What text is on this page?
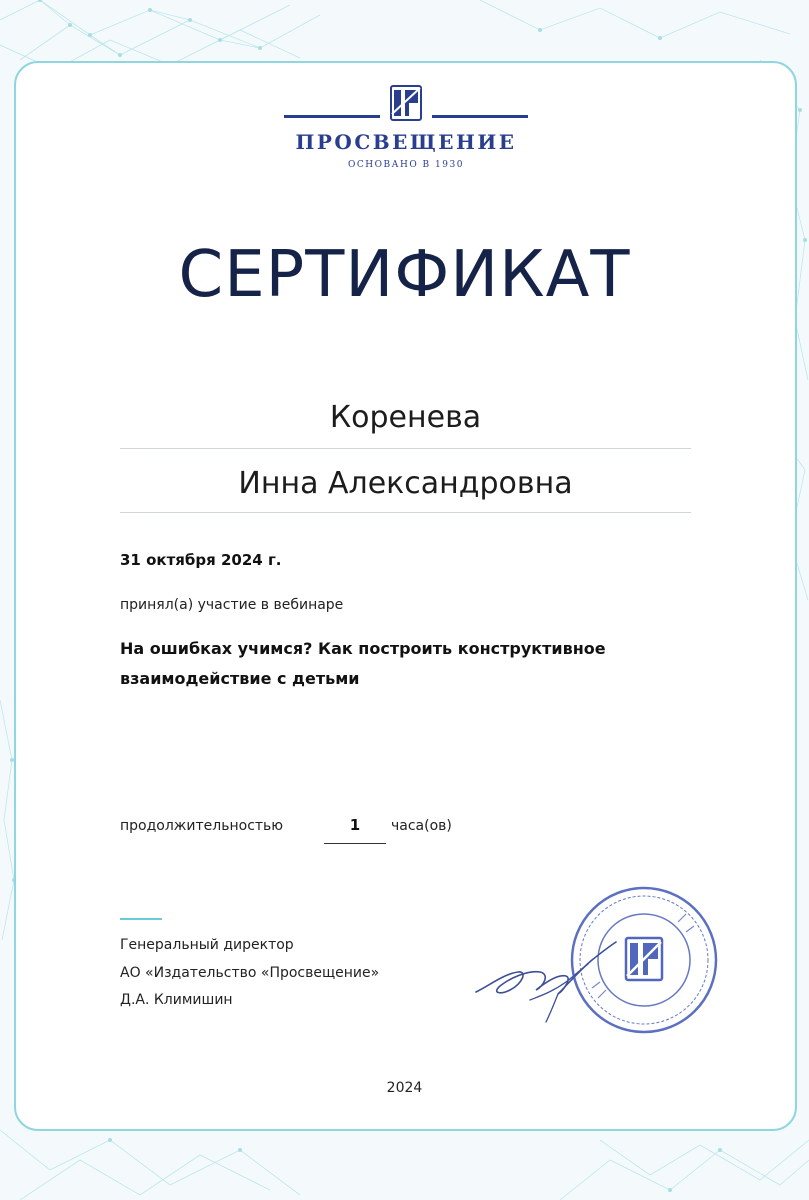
ПРОСВЕЩЕНИЕ
ОСНОВАНО В 1930
СЕРТИФИКАТ
Коренева
Инна Александровна
31 октября 2024 г.
принял(а) участие в вебинаре
На ошибках учимся? Как построить конструктивное
взаимодействие с детьми
продолжительностью	1	часа(ов)
Генеральный директор
АО «Издательство «Просвещение»
Д.А. Климишин
2024
